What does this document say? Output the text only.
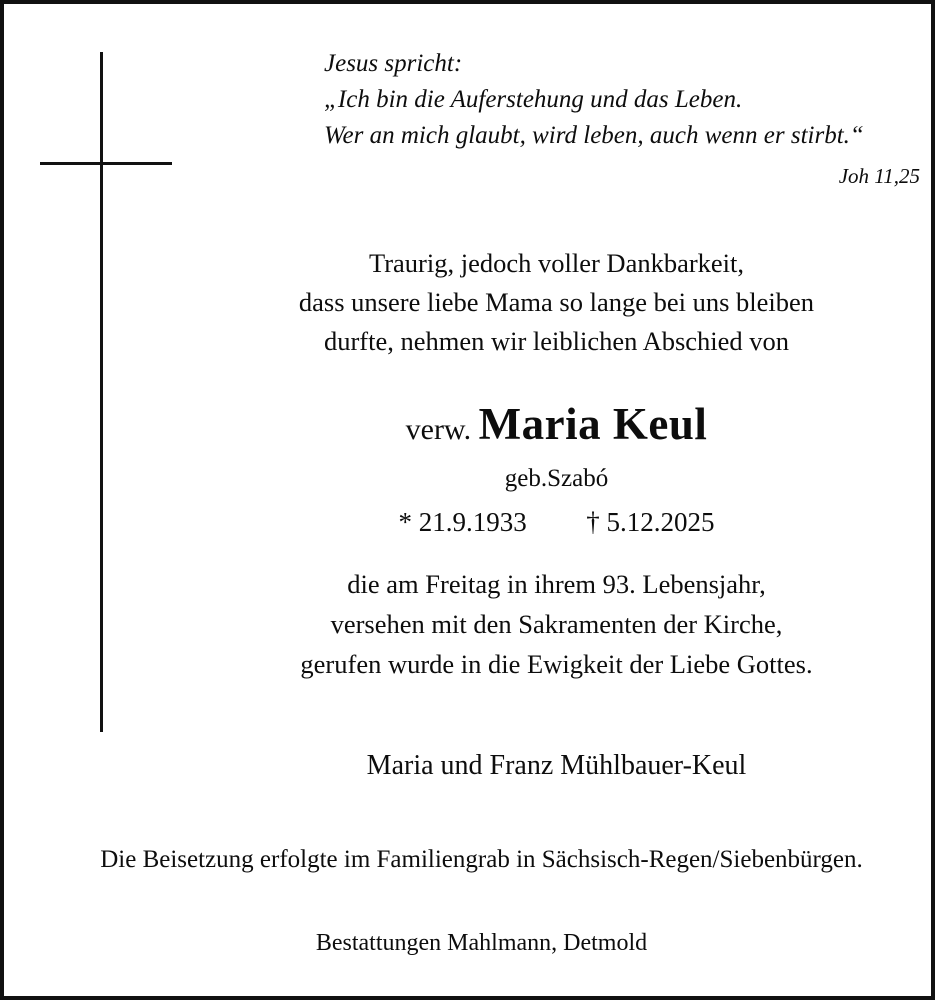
Jesus spricht:
„Ich bin die Auferstehung und das Leben.
Wer an mich glaubt, wird leben, auch wenn er stirbt.“
Joh 11,25
Traurig, jedoch voller Dankbarkeit,
dass unsere liebe Mama so lange bei uns bleiben
durfte, nehmen wir leiblichen Abschied von
verw. Maria Keul
geb.Szabó
* 21.9.1933 † 5.12.2025
die am Freitag in ihrem 93. Lebensjahr,
versehen mit den Sakramenten der Kirche,
gerufen wurde in die Ewigkeit der Liebe Gottes.
Maria und Franz Mühlbauer-Keul
Die Beisetzung erfolgte im Familiengrab in Sächsisch-Regen/Siebenbürgen.
Bestattungen Mahlmann, Detmold
